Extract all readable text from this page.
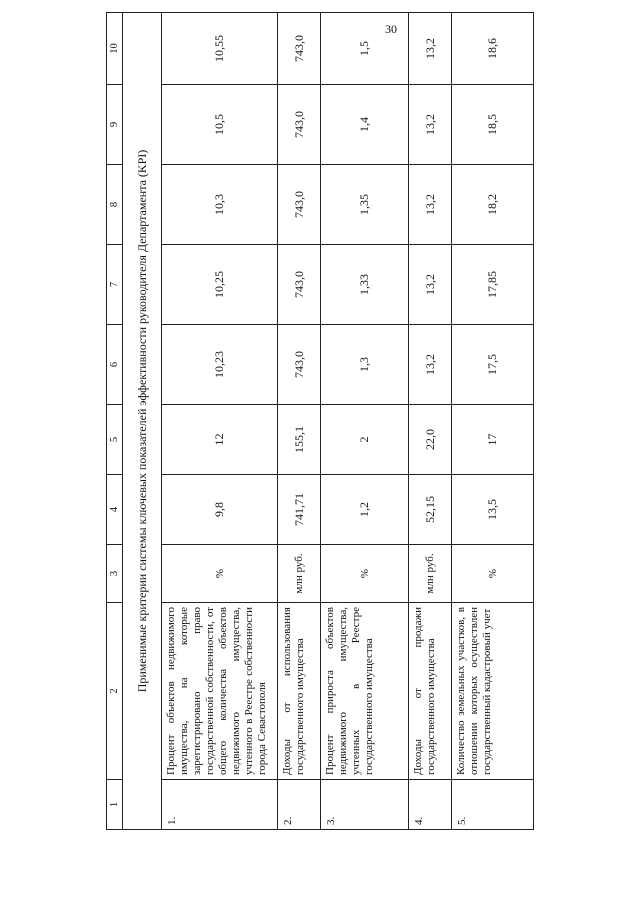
30
1	2	3	4	5	6	7	8	9	10
Применимые критерии системы ключевых показателей эффективности руководителя Департамента (KPI)									
1.	Процент объектов недвижимого имущества, на которые зарегистрировано право государственной собственности, от общего количества объектов недвижимого имущества, учтенного в Реестре собственности города Севастополя	%	9,8	12	10,23	10,25	10,3	10,5	10,55
2.	Доходы от использования государственного имущества	млн руб.	741,71	155,1	743,0	743,0	743,0	743,0	743,0
3.	Процент прироста объектов недвижимого имущества, учтенных в Реестре государственного имущества	%	1,2	2	1,3	1,33	1,35	1,4	1,5
4.	Доходы от продажи государственного имущества	млн руб.	52,15	22,0	13,2	13,2	13,2	13,2	13,2
5.	Количество земельных участков, в отношении которых осуществлен государственный кадастровый учет	%	13,5	17	17,5	17,85	18,2	18,5	18,6
